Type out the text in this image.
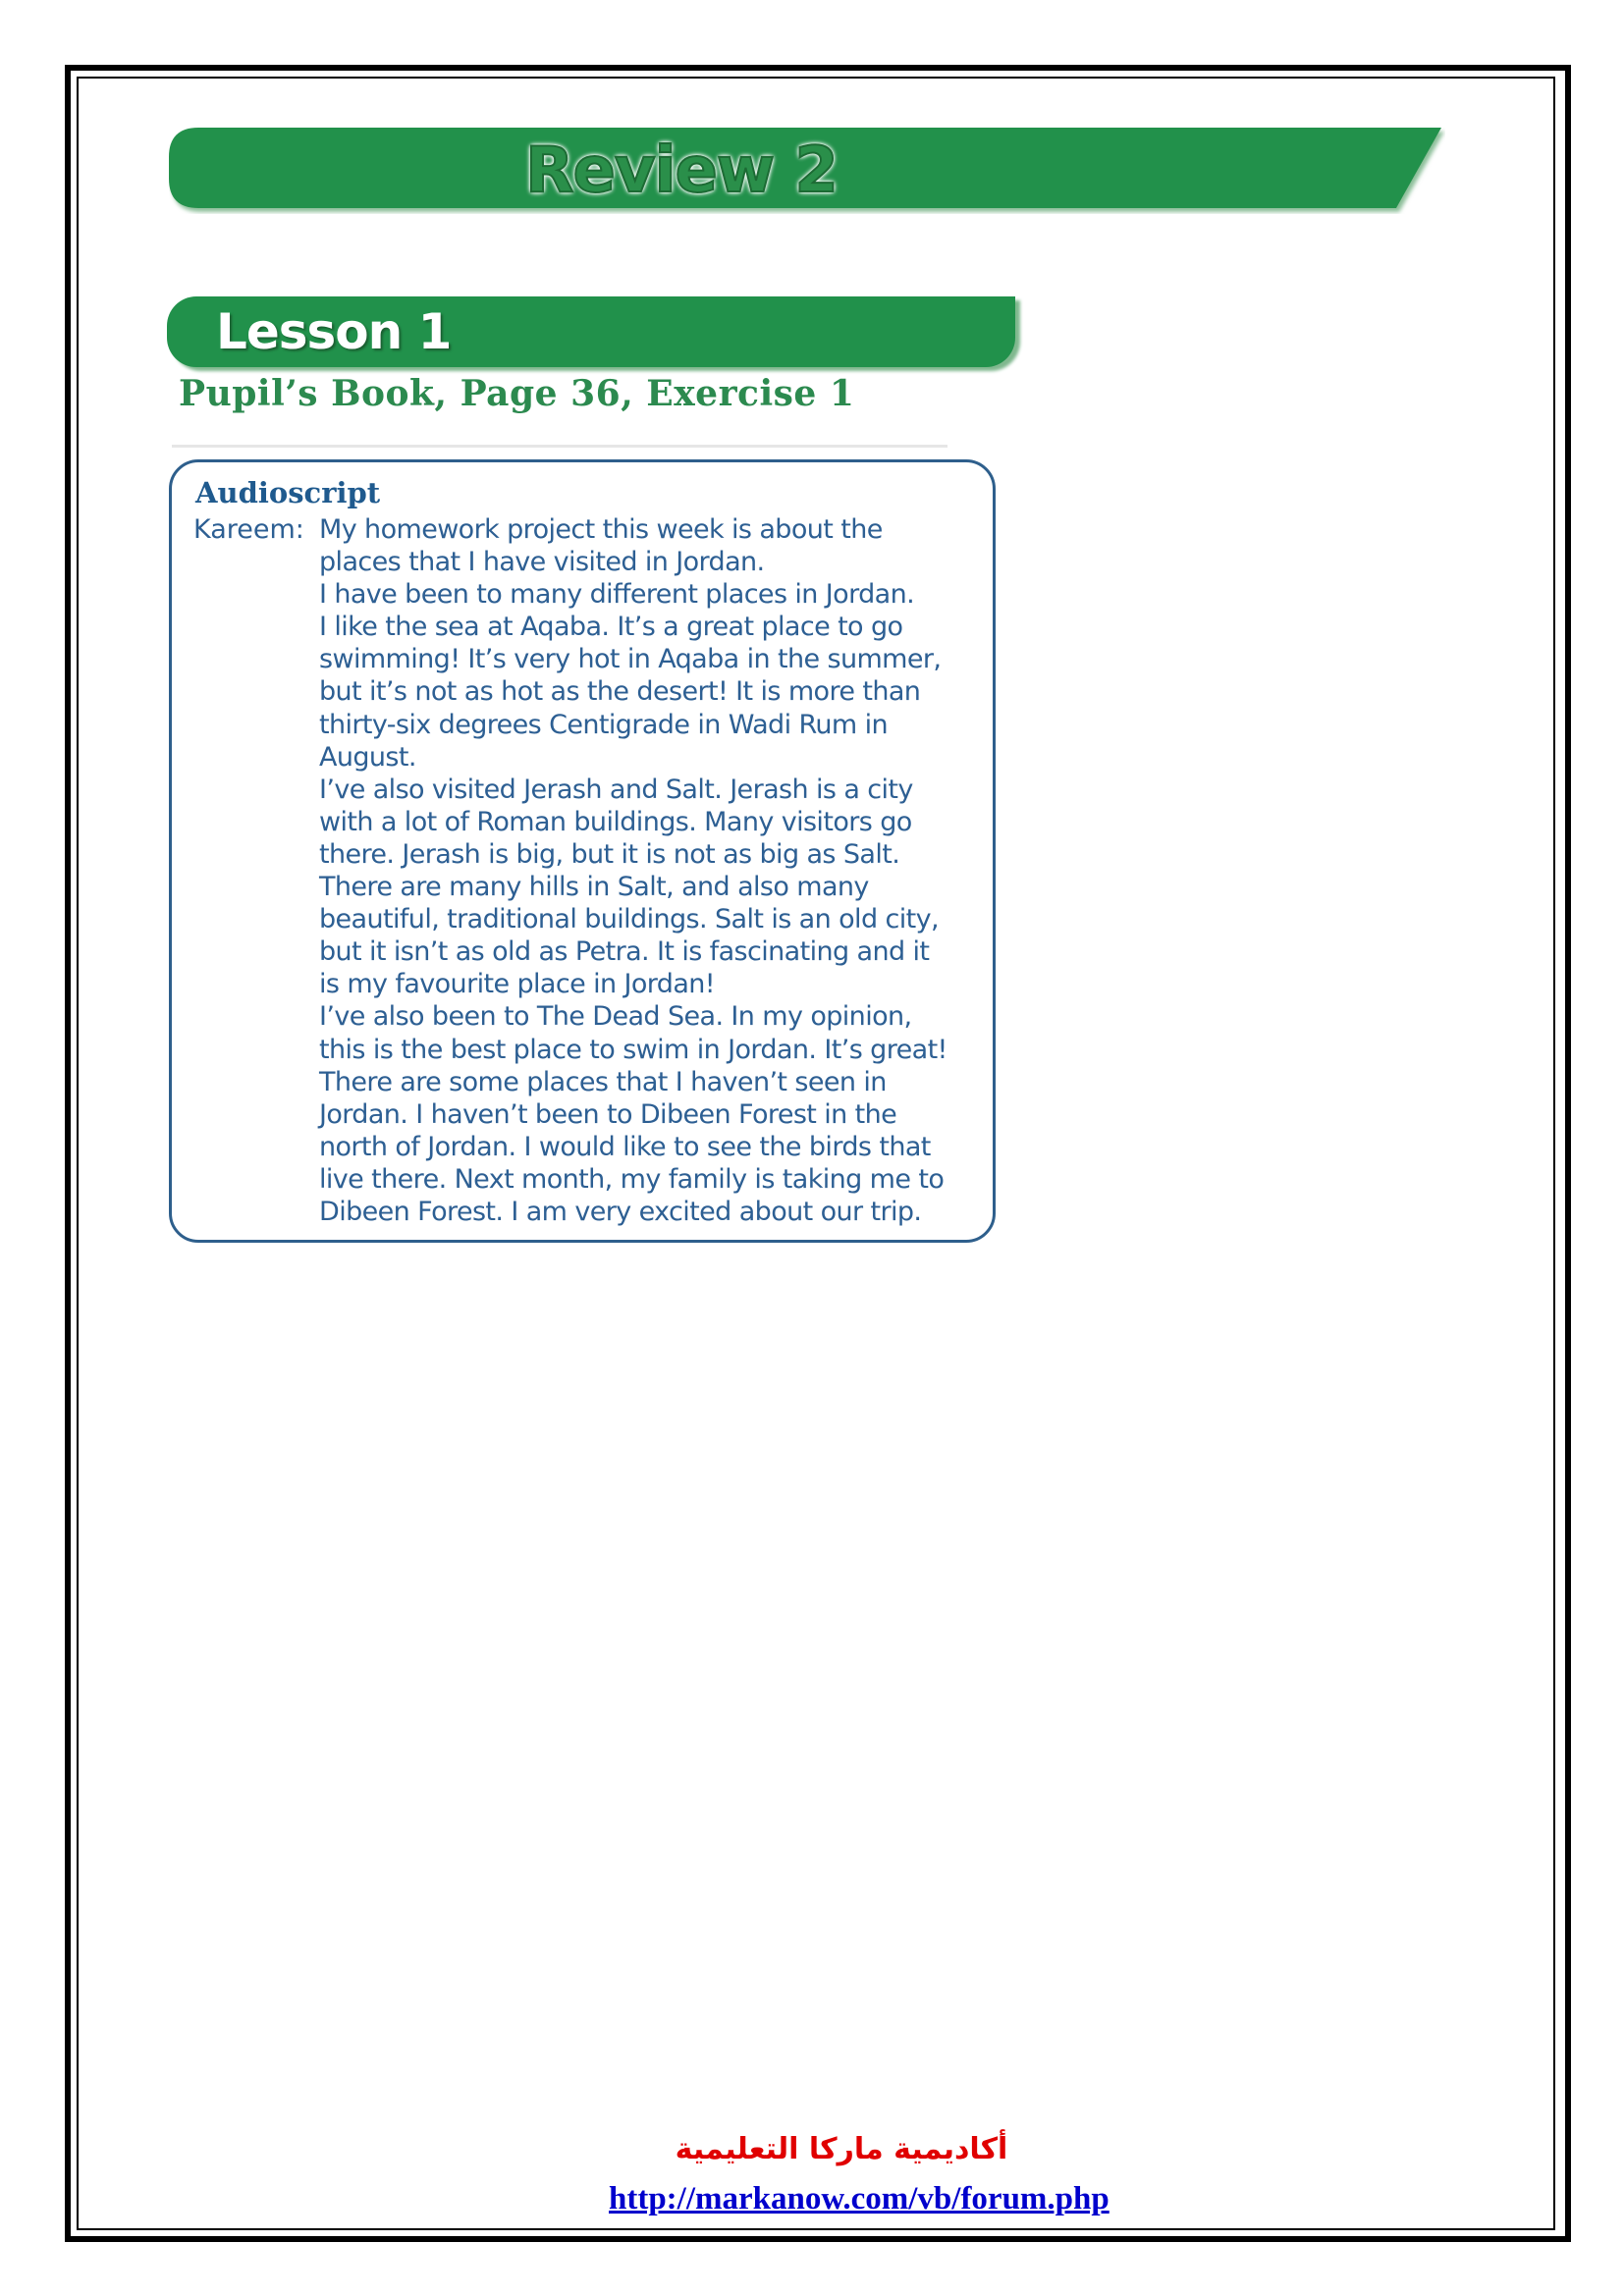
Review 2
Lesson 1
Pupil’s Book, Page 36, Exercise 1
Audioscript
Kareem: My homework project this week is about the
places that I have visited in Jordan.
I have been to many different places in Jordan.
I like the sea at Aqaba. It’s a great place to go
swimming! It’s very hot in Aqaba in the summer,
but it’s not as hot as the desert! It is more than
thirty-six degrees Centigrade in Wadi Rum in
August.
I’ve also visited Jerash and Salt. Jerash is a city
with a lot of Roman buildings. Many visitors go
there. Jerash is big, but it is not as big as Salt.
There are many hills in Salt, and also many
beautiful, traditional buildings. Salt is an old city,
but it isn’t as old as Petra. It is fascinating and it
is my favourite place in Jordan!
I’ve also been to The Dead Sea. In my opinion,
this is the best place to swim in Jordan. It’s great!
There are some places that I haven’t seen in
Jordan. I haven’t been to Dibeen Forest in the
north of Jordan. I would like to see the birds that
live there. Next month, my family is taking me to
Dibeen Forest. I am very excited about our trip.
أكاديمية ماركا التعليمية
http://markanow.com/vb/forum.php
